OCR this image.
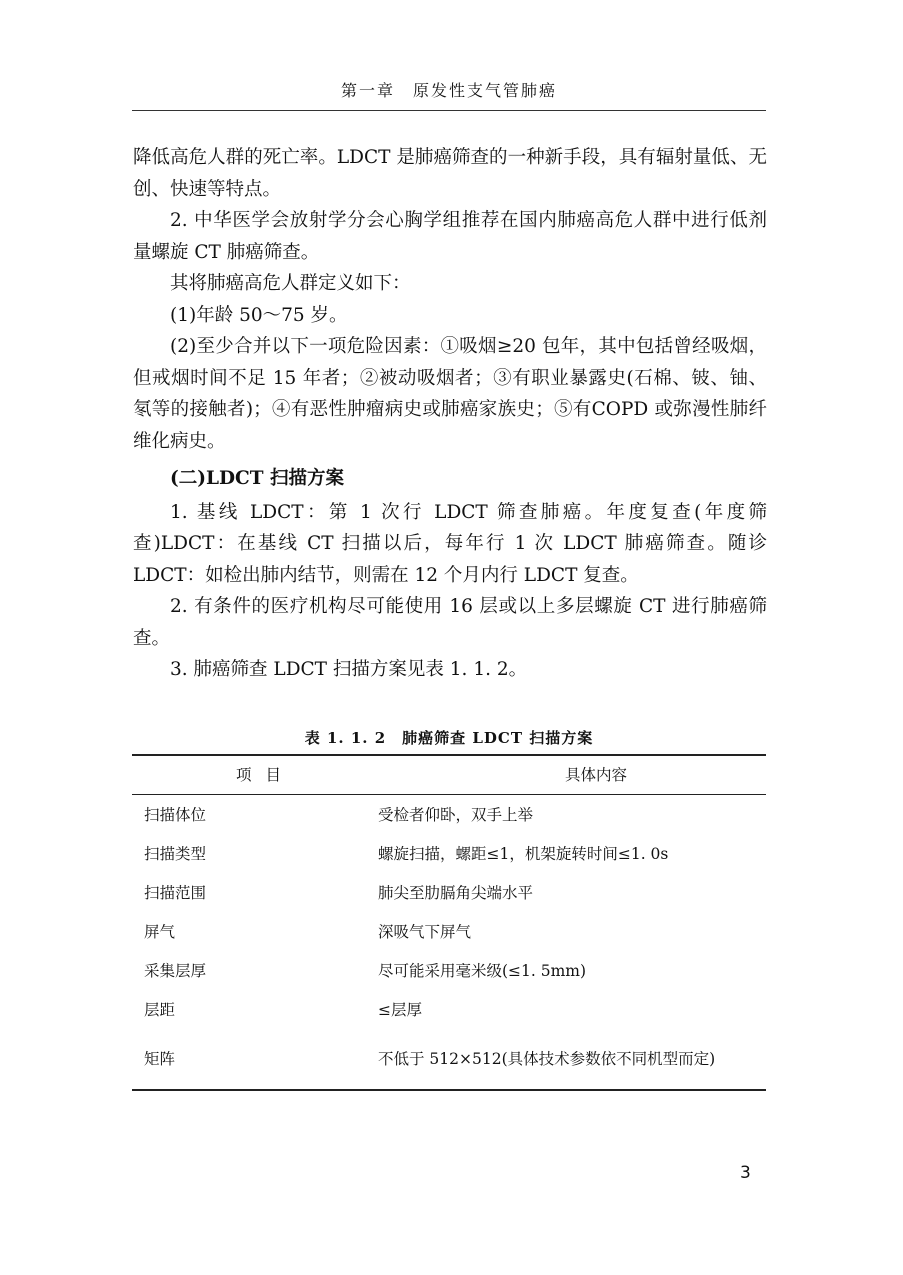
第一章　原发性支气管肺癌

降低高危人群的死亡率。LDCT 是肺癌筛查的一种新手段，具有辐射量低、无创、快速等特点。

2. 中华医学会放射学分会心胸学组推荐在国内肺癌高危人群中进行低剂量螺旋 CT 肺癌筛查。

其将肺癌高危人群定义如下：

(1)年龄 50～75 岁。

(2)至少合并以下一项危险因素：①吸烟≥20 包年，其中包括曾经吸烟，但戒烟时间不足 15 年者；②被动吸烟者；③有职业暴露史(石棉、铍、铀、氡等的接触者)；④有恶性肿瘤病史或肺癌家族史；⑤有COPD 或弥漫性肺纤维化病史。

(二)LDCT 扫描方案

1. 基线 LDCT：第 1 次行 LDCT 筛查肺癌。年度复查(年度筛查)LDCT：在基线 CT 扫描以后，每年行 1 次 LDCT 肺癌筛查。随诊 LDCT：如检出肺内结节，则需在 12 个月内行 LDCT 复查。

2. 有条件的医疗机构尽可能使用 16 层或以上多层螺旋 CT 进行肺癌筛查。

3. 肺癌筛查 LDCT 扫描方案见表 1. 1. 2。

表 1. 1. 2　肺癌筛查 LDCT 扫描方案
项目	具体内容
扫描体位	受检者仰卧，双手上举
扫描类型	螺旋扫描，螺距≤1，机架旋转时间≤1. 0s
扫描范围	肺尖至肋膈角尖端水平
屏气	深吸气下屏气
采集层厚	尽可能采用毫米级(≤1. 5mm)
层距	≤层厚
矩阵	不低于 512×512(具体技术参数依不同机型而定)
3
